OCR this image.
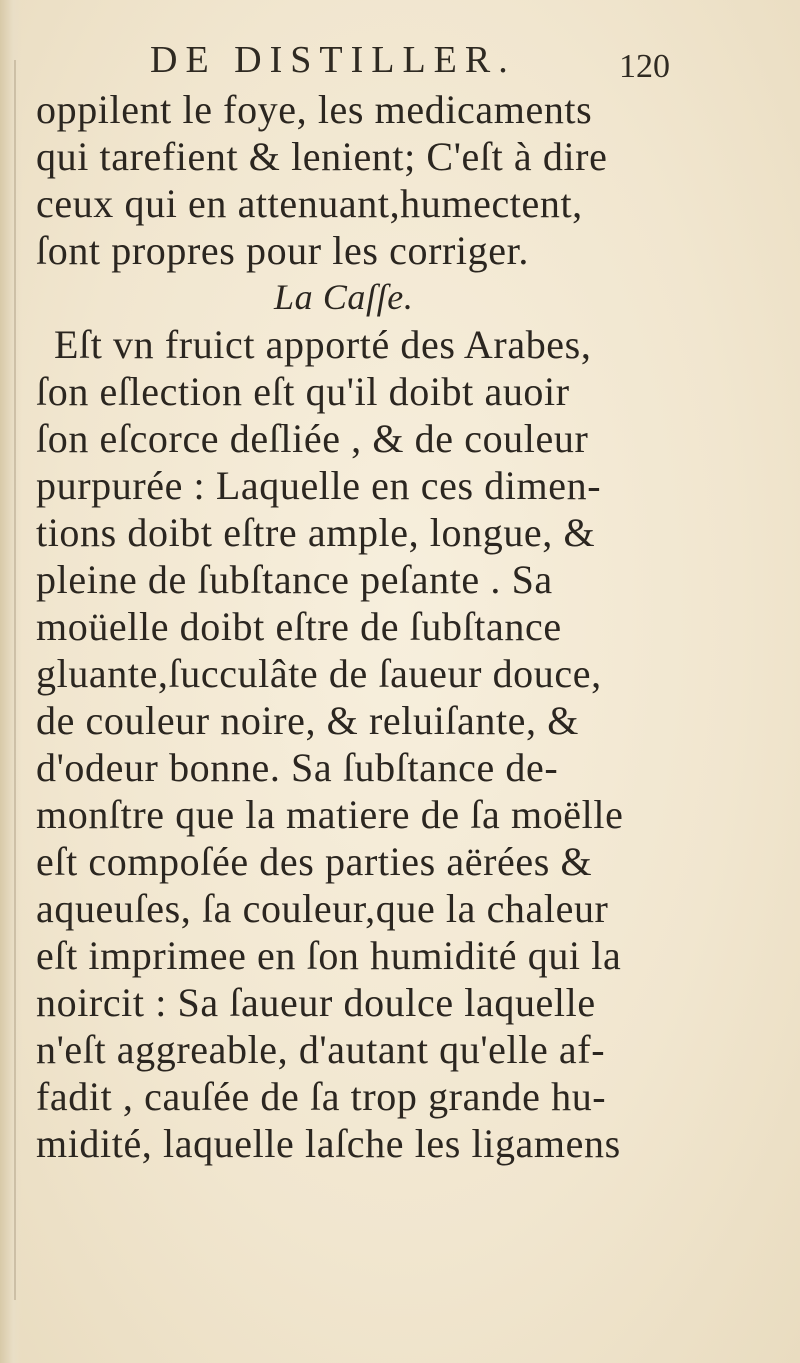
DE DISTILLER.	120
oppilent le foye, les medicaments
qui tarefient & lenient; C'eſt à dire
ceux qui en attenuant,humectent,
ſont propres pour les corriger.
La Caſſe.
Eſt vn fruict apporté des Arabes,
ſon eſlection eſt qu'il doibt auoir
ſon eſcorce deſliée , & de couleur
purpurée : Laquelle en ces dimen-
tions doibt eſtre ample, longue, &
pleine de ſubſtance peſante . Sa
moüelle doibt eſtre de ſubſtance
gluante,ſucculâte de ſaueur douce,
de couleur noire, & reluiſante, &
d'odeur bonne. Sa ſubſtance de-
monſtre que la matiere de ſa moëlle
eſt compoſée des parties aërées &
aqueuſes, ſa couleur,que la chaleur
eſt imprimee en ſon humidité qui la
noircit : Sa ſaueur doulce laquelle
n'eſt aggreable, d'autant qu'elle af-
fadit , cauſée de ſa trop grande hu-
midité, laquelle laſche les ligamens
